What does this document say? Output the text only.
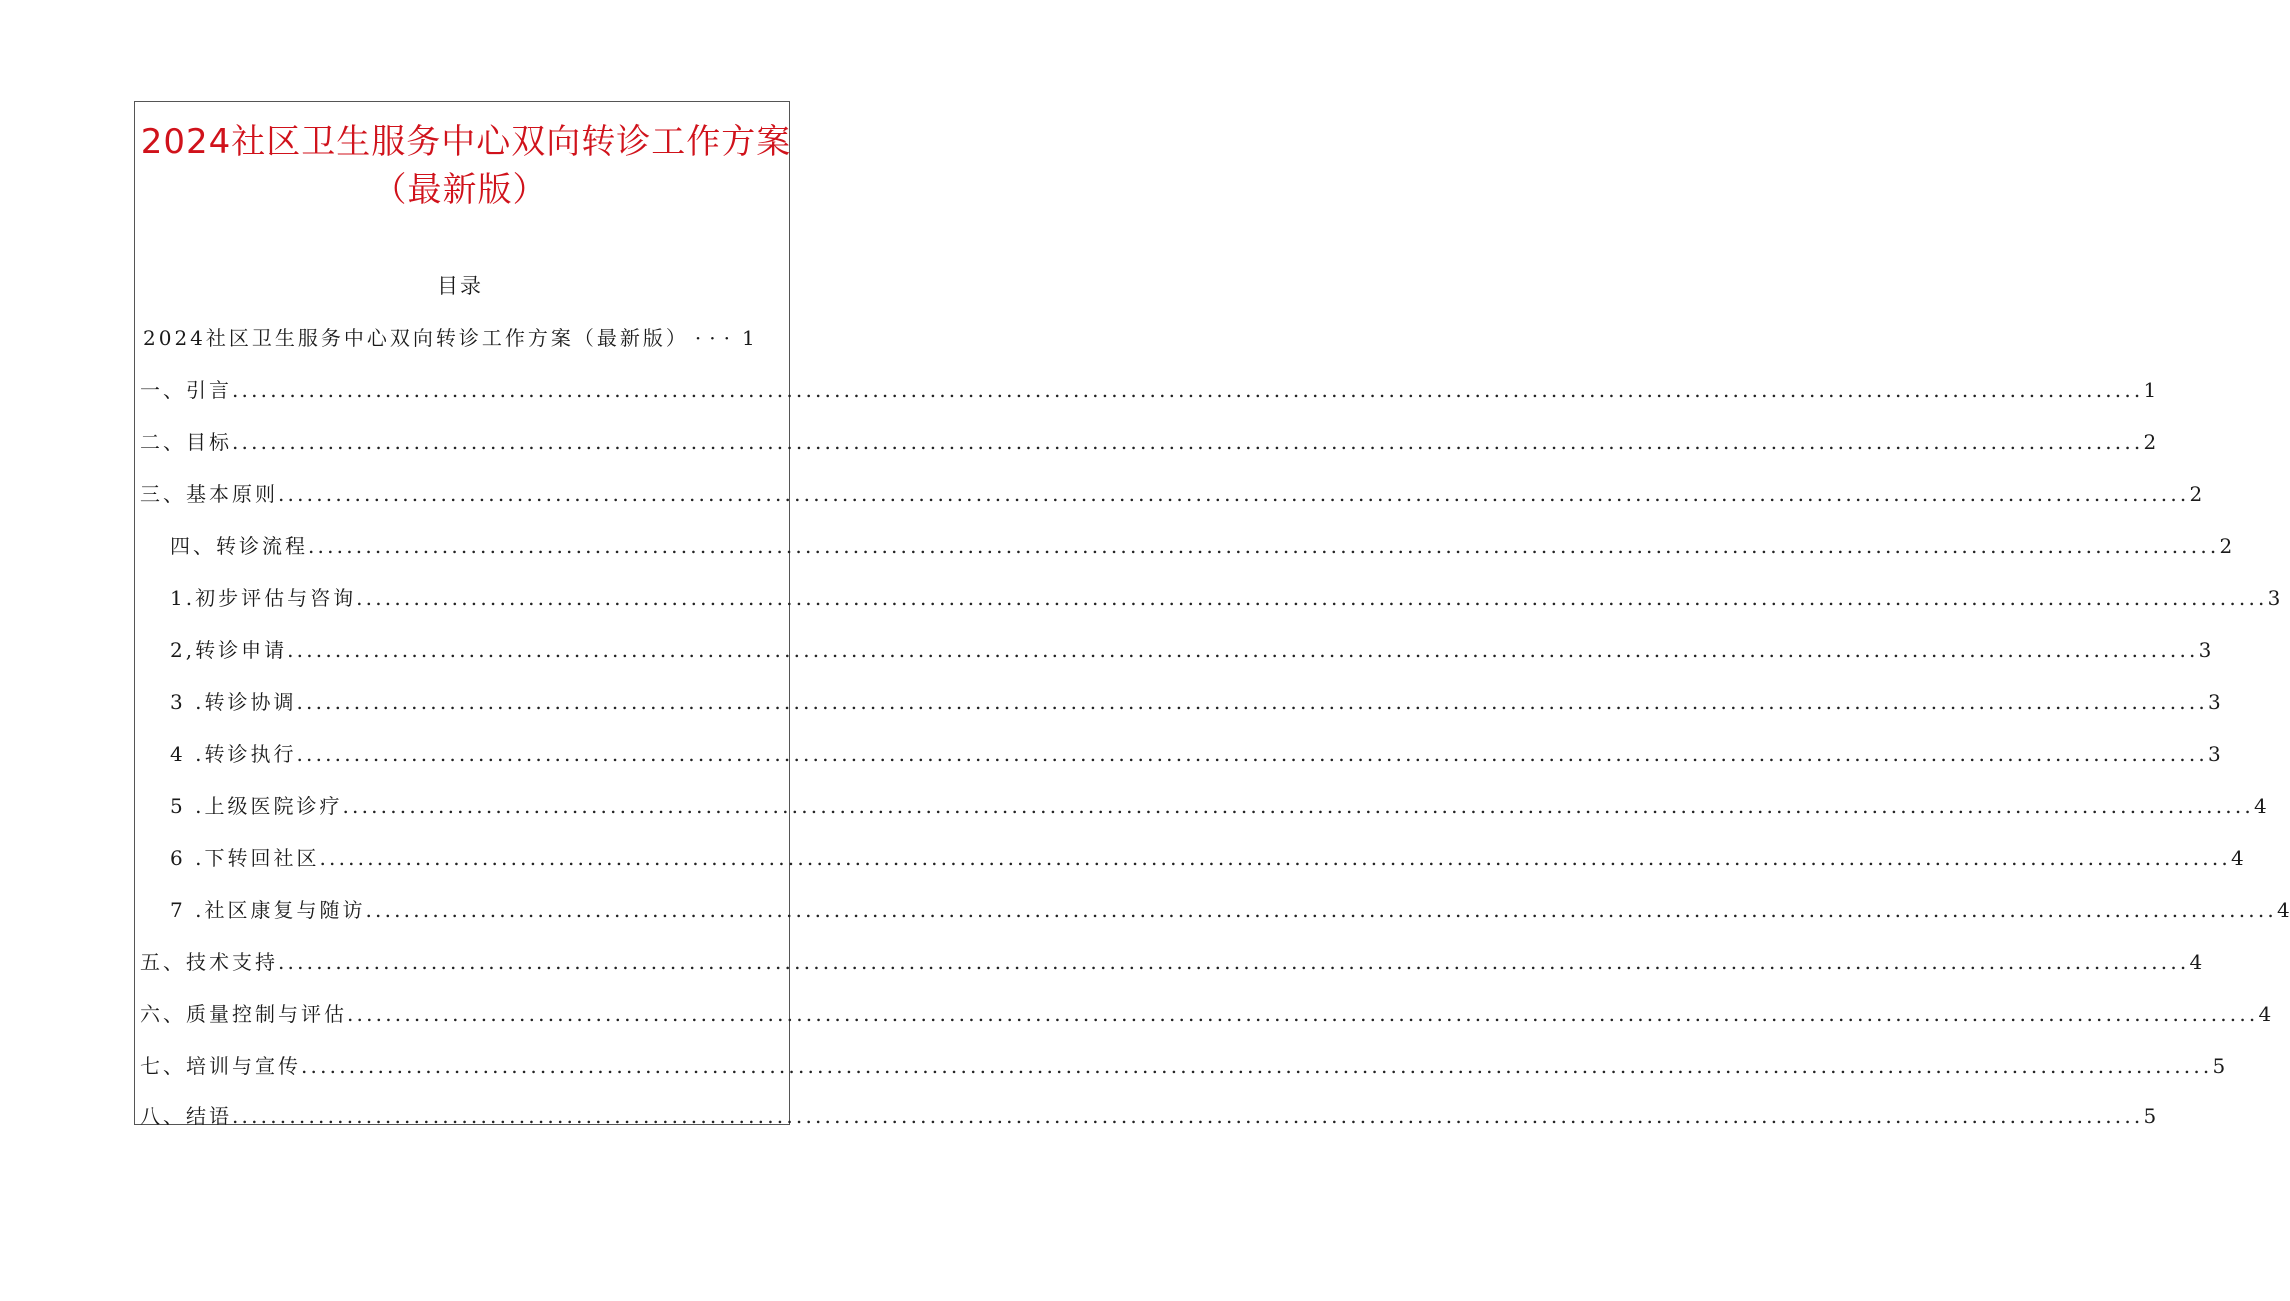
2024社区卫生服务中心双向转诊工作方案
（最新版）
目录
2024社区卫生服务中心双向转诊工作方案（最新版） ··· 1
一、引言 ........................................................................................................................................................................................................ 1
二、目标 ........................................................................................................................................................................................................ 2
三、基本原则 ........................................................................................................................................................................................................ 2
四、转诊流程 ........................................................................................................................................................................................................ 2
1.初步评估与咨询 ........................................................................................................................................................................................................ 3
2,转诊申请 ........................................................................................................................................................................................................ 3
3 .转诊协调 ........................................................................................................................................................................................................ 3
4 .转诊执行 ........................................................................................................................................................................................................ 3
5 .上级医院诊疗 ........................................................................................................................................................................................................ 4
6 .下转回社区 ........................................................................................................................................................................................................ 4
7 .社区康复与随访 ........................................................................................................................................................................................................ 4
五、技术支持 ........................................................................................................................................................................................................ 4
六、质量控制与评估 ........................................................................................................................................................................................................ 4
七、培训与宣传 ........................................................................................................................................................................................................ 5
八、结语 ........................................................................................................................................................................................................ 5
